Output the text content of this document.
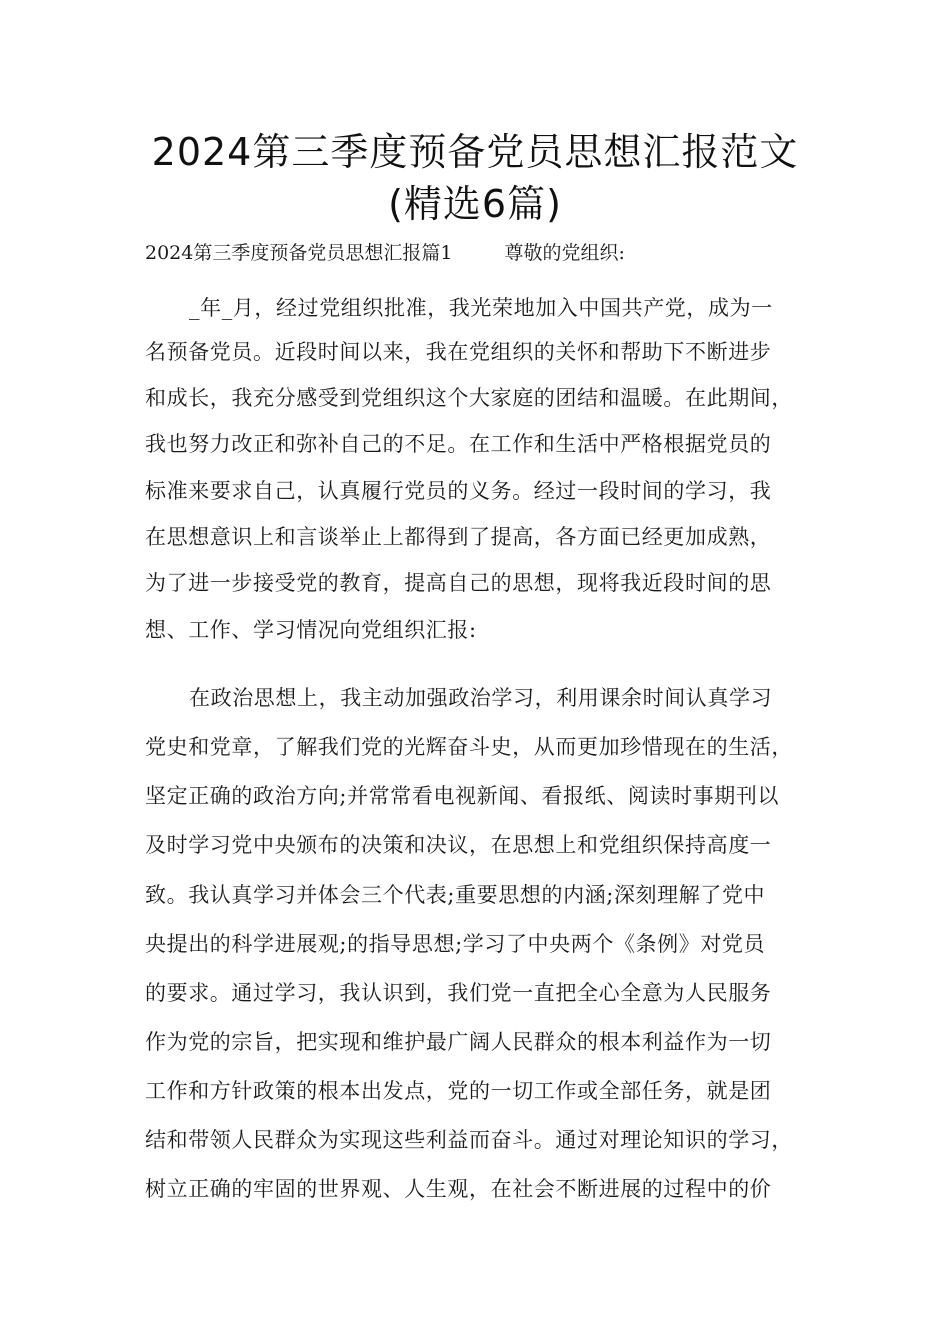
2024第三季度预备党员思想汇报范文
(精选6篇)
2024第三季度预备党员思想汇报篇1	尊敬的党组织:
_年_月，经过党组织批准，我光荣地加入中国共产党，成为一
名预备党员。近段时间以来，我在党组织的关怀和帮助下不断进步
和成长，我充分感受到党组织这个大家庭的团结和温暖。在此期间，
我也努力改正和弥补自己的不足。在工作和生活中严格根据党员的
标准来要求自己，认真履行党员的义务。经过一段时间的学习，我
在思想意识上和言谈举止上都得到了提高，各方面已经更加成熟，
为了进一步接受党的教育，提高自己的思想，现将我近段时间的思
想、工作、学习情况向党组织汇报:
在政治思想上，我主动加强政治学习，利用课余时间认真学习
党史和党章，了解我们党的光辉奋斗史，从而更加珍惜现在的生活，
坚定正确的政治方向;并常常看电视新闻、看报纸、阅读时事期刊以
及时学习党中央颁布的决策和决议，在思想上和党组织保持高度一
致。我认真学习并体会三个代表;重要思想的内涵;深刻理解了党中
央提出的科学进展观;的指导思想;学习了中央两个《条例》对党员
的要求。通过学习，我认识到，我们党一直把全心全意为人民服务
作为党的宗旨，把实现和维护最广阔人民群众的根本利益作为一切
工作和方针政策的根本出发点，党的一切工作或全部任务，就是团
结和带领人民群众为实现这些利益而奋斗。通过对理论知识的学习，
树立正确的牢固的世界观、人生观，在社会不断进展的过程中的价
